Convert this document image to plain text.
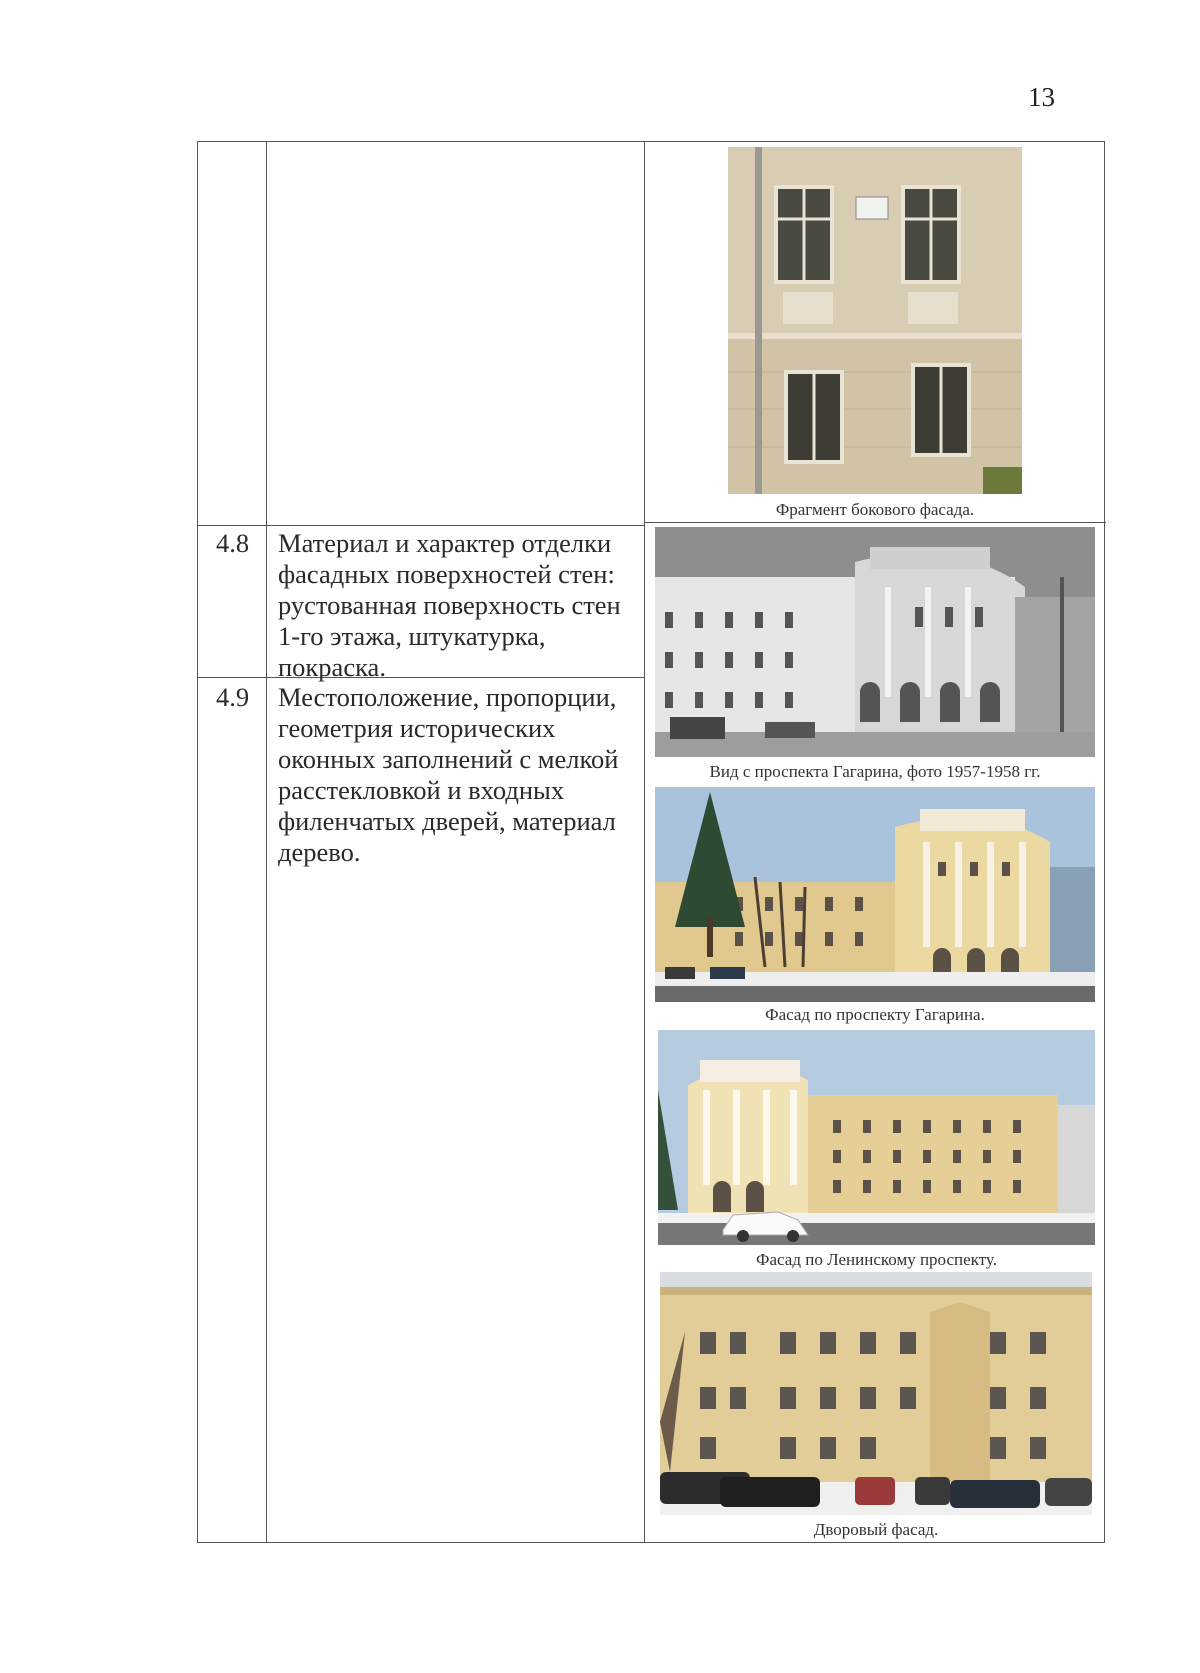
13
4.8 Материал и характер отделки фасадных поверхностей стен: рустованная поверхность стен 1-го этажа, штукатурка, покраска.
4.9 Местоположение, пропорции, геометрия исторических оконных заполнений с мелкой расстекловкой и входных филенчатых дверей, материал дерево.
Фрагмент бокового фасада.
Вид с проспекта Гагарина, фото 1957-1958 гг.
Фасад по проспекту Гагарина.
Фасад по Ленинскому проспекту.
Дворовый фасад.
